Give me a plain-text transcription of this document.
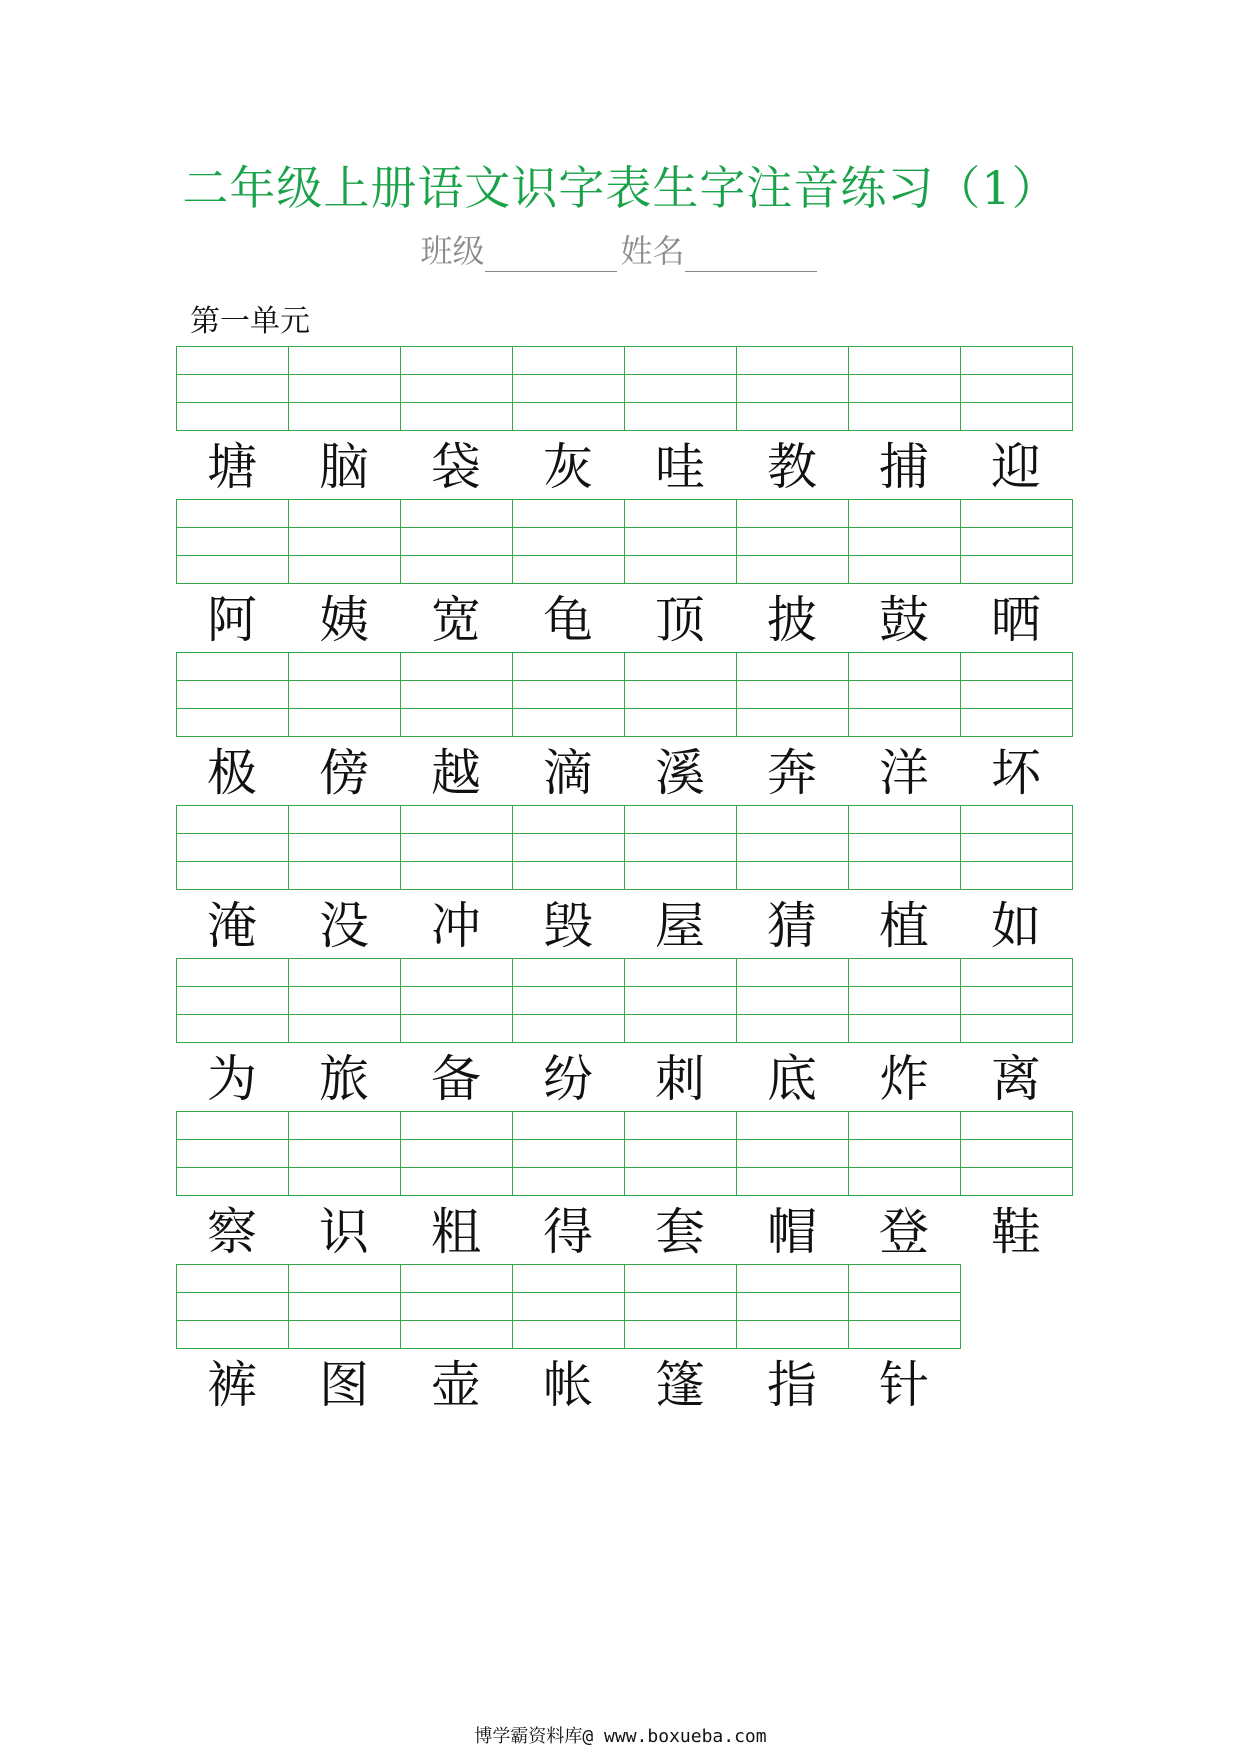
二年级上册语文识字表生字注音练习（1）
班级	姓名
第一单元

塘	脑	袋	灰	哇	教	捕	迎

阿	姨	宽	龟	顶	披	鼓	晒

极	傍	越	滴	溪	奔	洋	坏

淹	没	冲	毁	屋	猜	植	如

为	旅	备	纷	刺	底	炸	离

察	识	粗	得	套	帽	登	鞋

裤	图	壶	帐	篷	指	针
博学霸资料库@ www.boxueba.com
